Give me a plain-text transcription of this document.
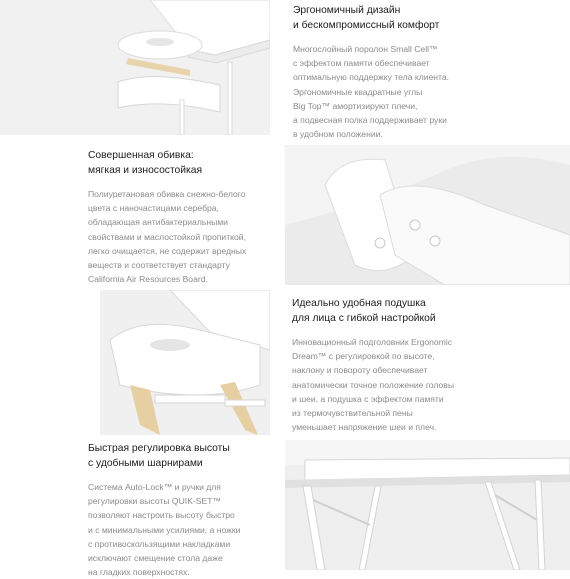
Эргономичный дизайн
и бескомпромиссный комфорт

Многослойный поролон Small Cell™
с эффектом памяти обеспечивает
оптимальную поддержку тела клиента.
Эргономичные квадратные углы
Big Top™ амортизируют плечи,
а подвесная полка поддерживает руки
в удобном положении.

Совершенная обивка:
мягкая и износостойкая

Полиуретановая обивка снежно-белого
цвета с наночастицами серебра,
обладающая антибактериальными
свойствами и маслостойкой пропиткой,
легко очищается, не содержит вредных
веществ и соответствует стандарту
California Air Resources Board.

Идеально удобная подушка
для лица с гибкой настройкой

Инновационный подголовник Ergonomic
Dream™ с регулировкой по высоте,
наклону и повороту обеспечивает
анатомически точное положение головы
и шеи, а подушка с эффектом памяти
из термочувствительной пены
уменьшает напряжение шеи и плеч.

Быстрая регулировка высоты
с удобными шарнирами

Система Auto-Lock™ и ручки для
регулировки высоты QUIK-SET™
позволяют настроить высоту быстро
и с минимальными усилиями, а ножки
с противоскользящими накладками
исключают смещение стола даже
на гладких поверхностях.
